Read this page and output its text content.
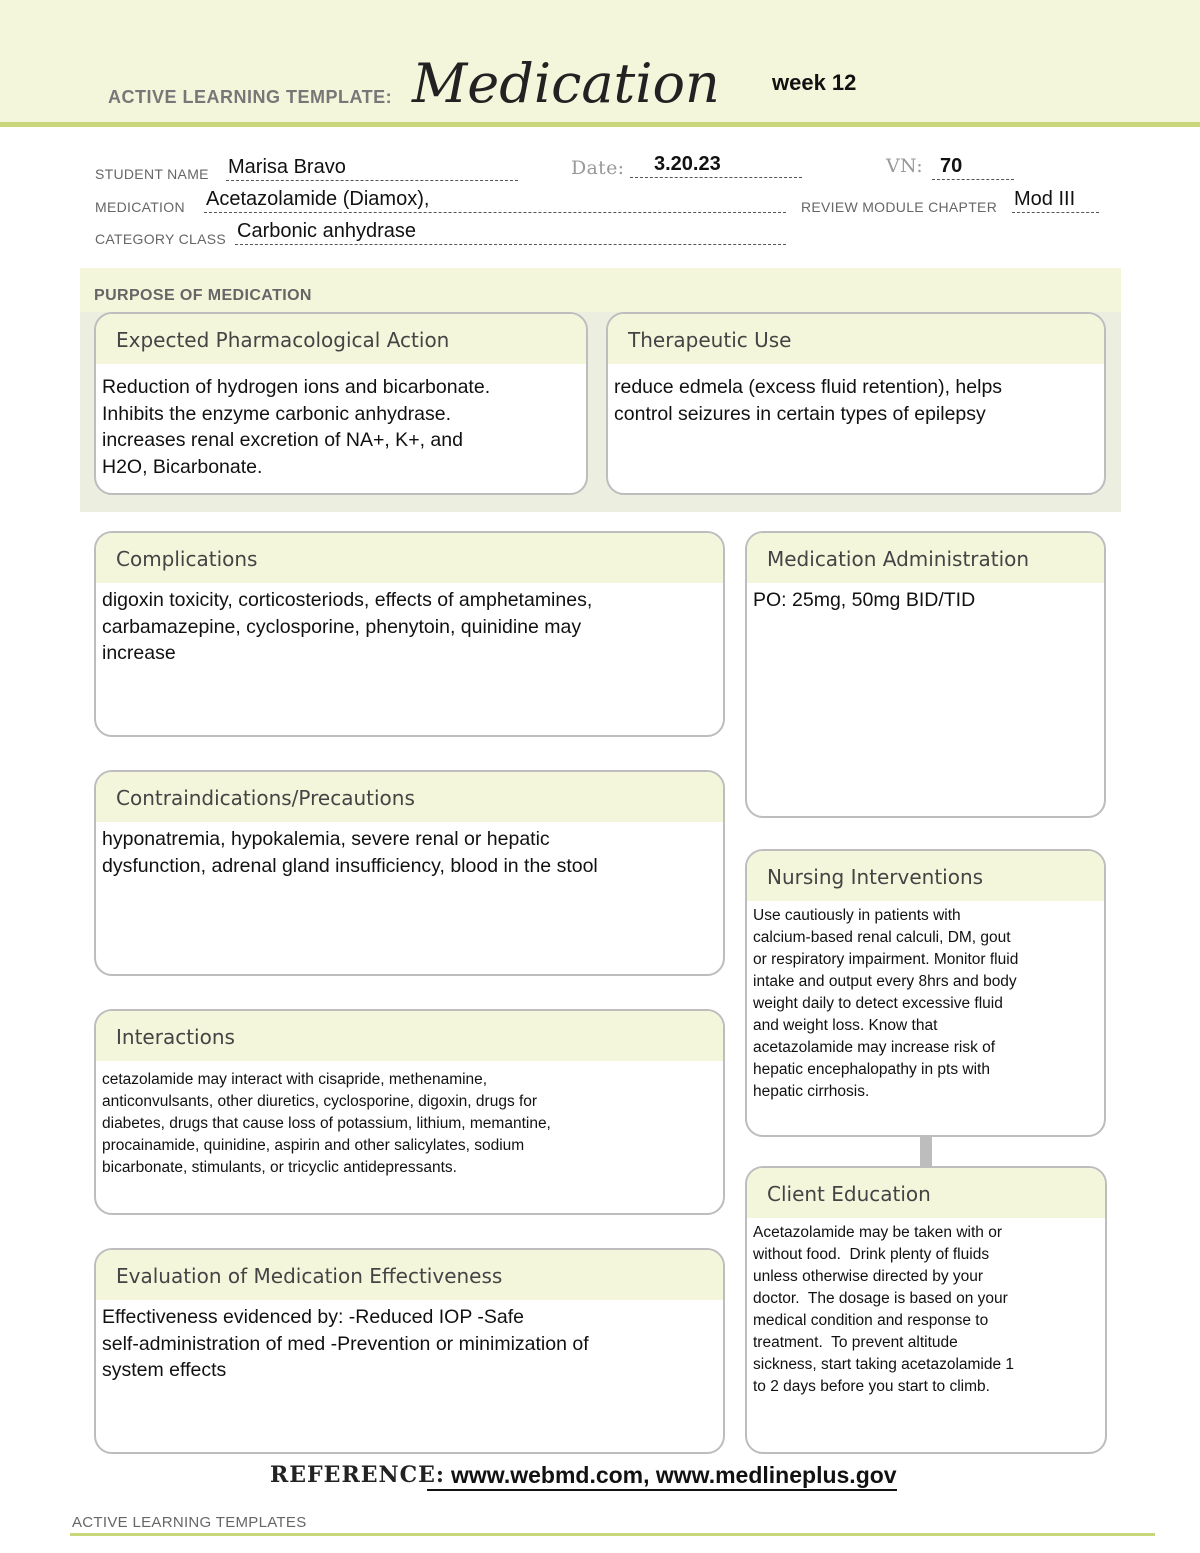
ACTIVE LEARNING TEMPLATE: Medication week 12
STUDENT NAME Marisa Bravo	Date:	3.20.23	VN: 70
MEDICATION Acetazolamide (Diamox),	REVIEW MODULE CHAPTER Mod III
CATEGORY CLASS Carbonic anhydrase
PURPOSE OF MEDICATION
Expected Pharmacological Action
Reduction of hydrogen ions and bicarbonate.
Inhibits the enzyme carbonic anhydrase.
increases renal excretion of NA+, K+, and
H2O, Bicarbonate.
Therapeutic Use
reduce edmela (excess fluid retention), helps
control seizures in certain types of epilepsy
Complications
digoxin toxicity, corticosteriods, effects of amphetamines,
carbamazepine, cyclosporine, phenytoin, quinidine may
increase
Medication Administration
PO: 25mg, 50mg BID/TID
Contraindications/Precautions
hyponatremia, hypokalemia, severe renal or hepatic
dysfunction, adrenal gland insufficiency, blood in the stool	Nursing Interventions
Use cautiously in patients with
calcium-based renal calculi, DM, gout
or respiratory impairment. Monitor fluid
intake and output every 8hrs and body
weight daily to detect excessive fluid
and weight loss. Know that
acetazolamide may increase risk of
hepatic encephalopathy in pts with
hepatic cirrhosis.
Interactions
cetazolamide may interact with cisapride, methenamine,
anticonvulsants, other diuretics, cyclosporine, digoxin, drugs for
diabetes, drugs that cause loss of potassium, lithium, memantine,
procainamide, quinidine, aspirin and other salicylates, sodium
bicarbonate, stimulants, or tricyclic antidepressants.
Client Education
Acetazolamide may be taken with or
without food.  Drink plenty of fluids
unless otherwise directed by your
doctor.  The dosage is based on your
medical condition and response to
treatment.  To prevent altitude
sickness, start taking acetazolamide 1
to 2 days before you start to climb.
Evaluation of Medication Effectiveness
Effectiveness evidenced by: -Reduced IOP -Safe
self-administration of med -Prevention or minimization of
system effects
REFERENCE: www.webmd.com, www.medlineplus.gov
ACTIVE LEARNING TEMPLATES
